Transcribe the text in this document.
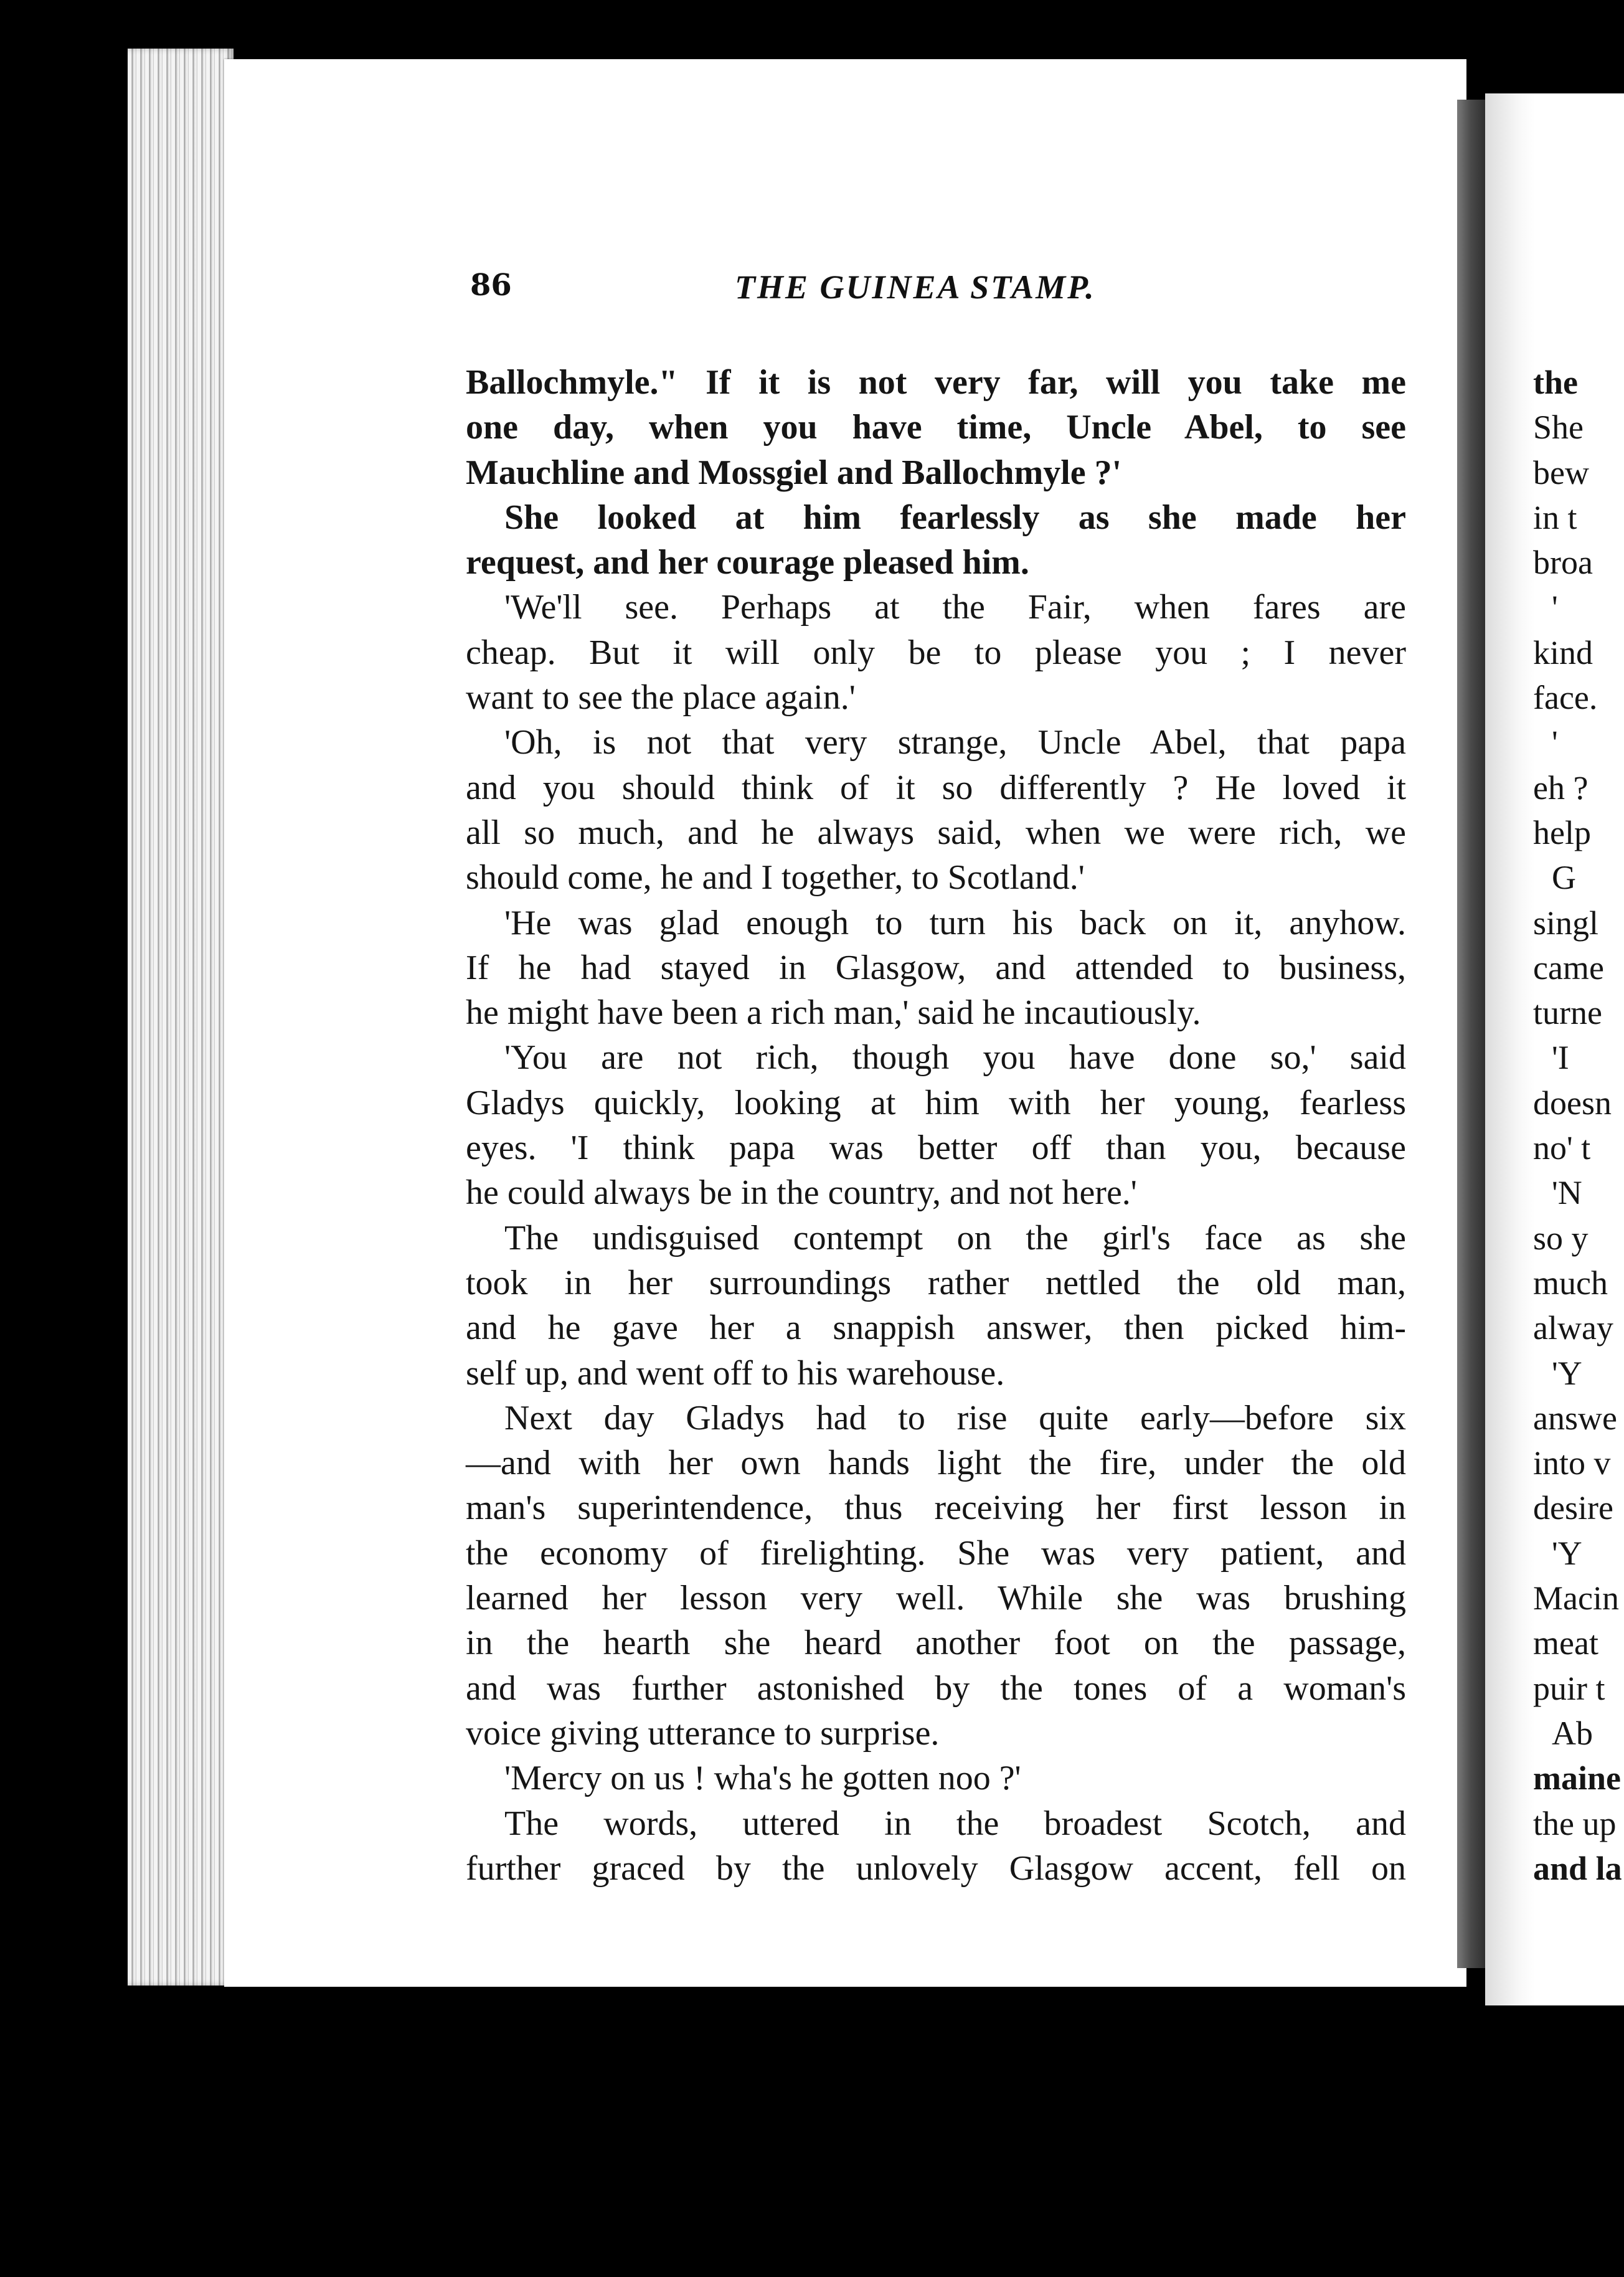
86	THE GUINEA STAMP.
Ballochmyle." If it is not very far, will you take me
one day, when you have time, Uncle Abel, to see
Mauchline and Mossgiel and Ballochmyle ?'
She looked at him fearlessly as she made her
request, and her courage pleased him.
'We'll see. Perhaps at the Fair, when fares are
cheap. But it will only be to please you ; I never
want to see the place again.'
'Oh, is not that very strange, Uncle Abel, that papa
and you should think of it so differently ? He loved it
all so much, and he always said, when we were rich, we
should come, he and I together, to Scotland.'
'He was glad enough to turn his back on it, anyhow.
If he had stayed in Glasgow, and attended to business,
he might have been a rich man,' said he incautiously.
'You are not rich, though you have done so,' said
Gladys quickly, looking at him with her young, fearless
eyes. 'I think papa was better off than you, because
he could always be in the country, and not here.'
The undisguised contempt on the girl's face as she
took in her surroundings rather nettled the old man,
and he gave her a snappish answer, then picked him-
self up, and went off to his warehouse.
Next day Gladys had to rise quite early—before six
—and with her own hands light the fire, under the old
man's superintendence, thus receiving her first lesson in
the economy of firelighting. She was very patient, and
learned her lesson very well. While she was brushing
in the hearth she heard another foot on the passage,
and was further astonished by the tones of a woman's
voice giving utterance to surprise.
'Mercy on us ! wha's he gotten noo ?'
The words, uttered in the broadest Scotch, and
further graced by the unlovely Glasgow accent, fell on
the
She
bew
in t
broa
'
kind
face.
'
eh ?
help
G
singl
came
turne
'I
doesn
no' t
'N
so y
much
alway
'Y
answe
into v
desire
'Y
Macin
meat
puir t
Ab
maine
the up
and la
